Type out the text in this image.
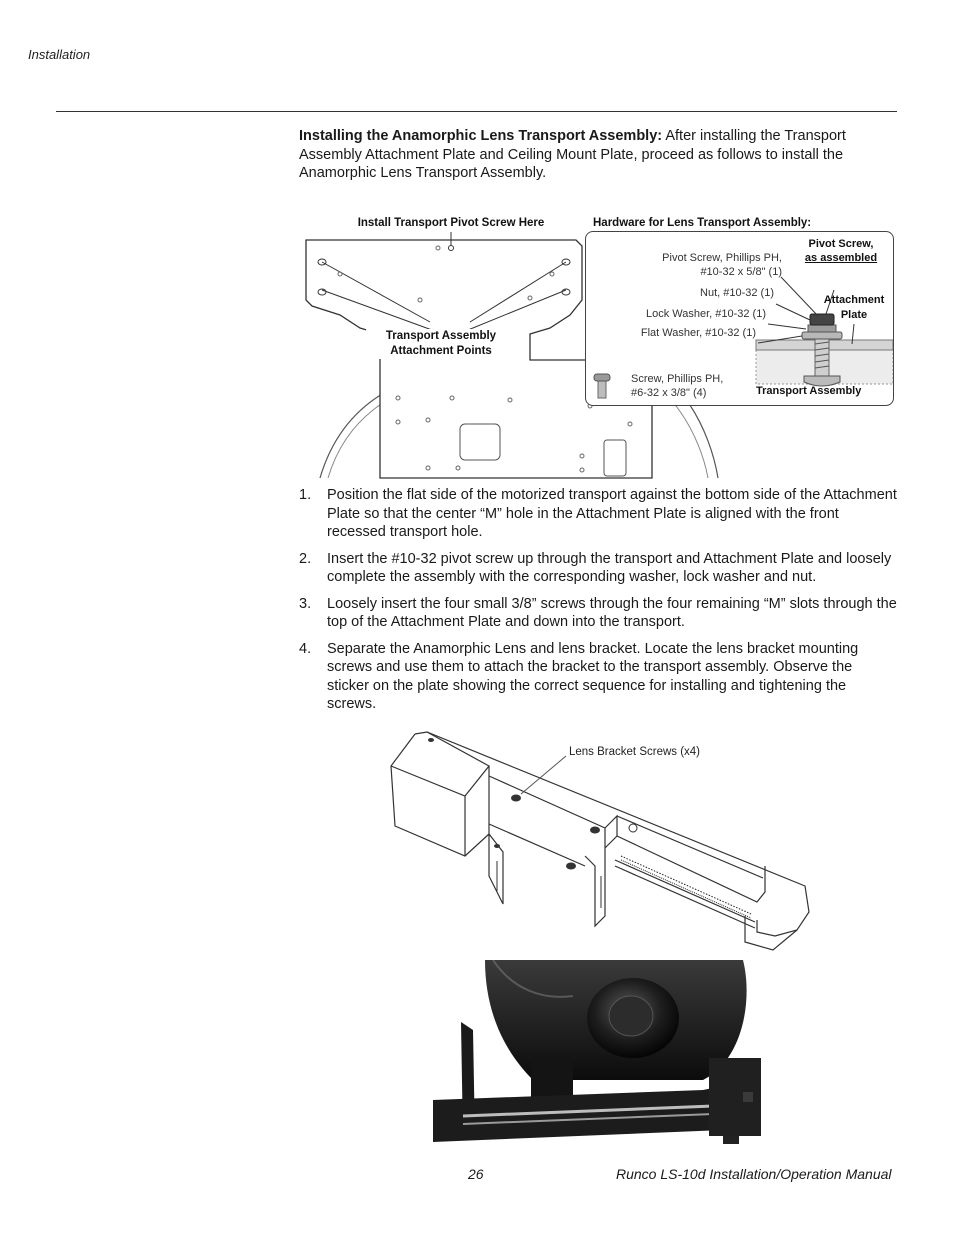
Installation
Installing the Anamorphic Lens Transport Assembly: After installing the Transport Assembly Attachment Plate and Ceiling Mount Plate, proceed as follows to install the Anamorphic Lens Transport Assembly.
Install Transport Pivot Screw Here
Transport Assembly Attachment Points
Hardware for Lens Transport Assembly:
Pivot Screw, Phillips PH,
#10-32 x 5/8" (1)
Nut, #10-32 (1)
Lock Washer, #10-32 (1)
Flat Washer, #10-32 (1)
Screw, Phillips PH,
#6-32 x 3/8" (4)
Pivot Screw,
as assembled
Attachment
Plate
Transport Assembly
1.	Position the flat side of the motorized transport against the bottom side of the Attachment Plate so that the center “M” hole in the Attachment Plate is aligned with the front recessed transport hole.
2.	Insert the #10-32 pivot screw up through the transport and Attachment Plate and loosely complete the assembly with the corresponding washer, lock washer and nut.
3.	Loosely insert the four small 3/8” screws through the four remaining “M” slots through the top of the Attachment Plate and down into the transport.
4.	Separate the Anamorphic Lens and lens bracket. Locate the lens bracket mounting screws and use them to attach the bracket to the transport assembly. Observe the sticker on the plate showing the correct sequence for installing and tightening the screws.
Lens Bracket Screws (x4)
26	Runco LS-10d Installation/Operation Manual
